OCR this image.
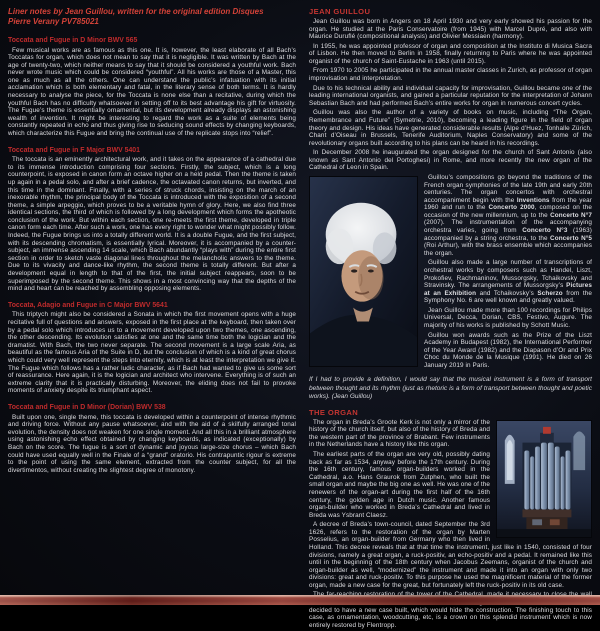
Liner notes by Jean Guillou, written for the original edition Disques
Pierre Verany PV785021
Toccata and Fugue in D Minor BWV 565

Few musical works are as famous as this one. It is, however, the least elaborate of all Bach’s Toccatas for organ, which does not mean to say that it is negligible. It was written by Bach at the age of twenty-two, which neither means to say that it should be considered a youthful work. Bach never wrote music which could be considered “youthful”. All his works are those of a Master, this one as much as all the others. One can understand the public’s infatuation with its initial acclamation which is both elementary and fatal, in the literary sense of both terms. It is hardly necessary to analyse the piece, for the Toccata is none else than a recitative, during which the youthful Bach has no difficulty whatsoever in setting off to its best advantage his gift for virtuosity. The Fugue’s theme is essentially ornamental, but its development already displays an astonishing wealth of invention. It might be interesting to regard the work as a suite of elements being constantly repeated in echo and thus giving rise to seducing sound effects by changing keyboards, which characterize this Fugue and bring the continual use of the replicate stops into “relief”.

Toccata and Fugue in F Major BWV 5401

The toccata is an eminently architectural work, and it takes on the appearance of a cathedral due to its immense introduction comprising four sections. Firstly, the subject, which is a long counterpoint, is exposed in canon form an octave higher on a held pedal. Then the theme is taken up again in a pedal solo, and after a brief cadence, the octavated canon returns, but inverted, and this time in the dominant. Finally, with a series of struck chords, insisting on the march of an inexorable rhythm, the principal body of the Toccata is introduced with the exposition of a second theme, a simple arpeggio, which proves to be a veritable hymn of glory. Here, we also find three identical sections, the third of which is followed by a long development which forms the apotheotic conclusion of the work. But within each section, one re-meets the first theme, developed in triple canon form each time. After such a work, one has every right to wonder what might possibly follow. Indeed, the Fugue brings us into a totally different world. It is a double Fugue, and the first subject, with its descending chromatism, is essentially lyrical. Moreover, it is accompanied by a counter-subject, an immense ascending 14 scale, which Bach abundantly “plays with” during the entire first section in order to sketch vaste diagonal lines throughout the melancholic answers to the theme. Due to its vivacity and dance-like rhythm, the second theme is totally different. But after a development equal in length to that of the first, the initial subject reappears, soon to be superimposed by the second theme. This shows in a most convincing way that the depths of the mind and heart can be reached by assembling opposing elements.

Toccata, Adagio and Fugue in C Major BWV 5641

This triptych might also be considered a Sonata in which the first movement opens with a huge recitative full of questions and answers, exposed in the first place at the keyboard, then taken over by a pedal solo which introduces us to a movement developed upon two themes, one ascending, the other descending. Its evolution satisfies at one and the same time both the logician and the dramatist. With Bach, the two never separate. The second movement is a large scale Aria, as beautiful as the famous Aria of the Suite in D, but the conclusion of which is a kind of great chorus which could very well represent the steps into eternity, which is at least the interpretation we give it. The Fugue which follows has a rather ludic character, as if Bach had wanted to give us some sort of reassurance. Here again, it is the logician and architect who intervene. Everything is of such an extreme clarity that it is practically disturbing. Moreover, the eliding does not fail to provoke moments of anxiety despite its triumphant aspect.

Toccata and Fugue in D Minor (Dorian) BWV 538

Built upon one, single theme, this toccata is developed within a counterpoint of intense rhythmic and driving force. Without any pause whatsoever, and with the aid of a skilfully arranged tonal evolution, the density does not weaken for one single moment. And all this in a brilliant atmosphere using astonishing echo effect obtained by changing keyboards, as indicated (exceptionally) by Bach on the score. The fugue is a sort of dynamic and joyous large-size chorus – which Bach could have used equally well in the Finale of a “grand” oratorio. His contrapuntic rigour is extreme to the point of using the same element, extracted from the counter subject, for all the divertimentos, without creating the slightest degree of monotony.

JEAN GUILLOU

Jean Guillou was born in Angers on 18 April 1930 and very early showed his passion for the organ. He studied at the Paris Conservatoire (from 1945) with Marcel Dupré, and also with Maurice Duruflé (compositional analysis) and Olivier Messiaen (harmony).

In 1955, he was appointed professor of organ and composition at the Instituto di Musica Sacra of Lisbon. He then moved to Berlin in 1958, finally returning to Paris where he was appointed organist of the church of Saint-Eustache in 1963 (until 2015).

From 1970 to 2005 he participated in the annual master classes in Zurich, as professor of organ improvisation and interpretation.

Due to his technical ability and individual capacity for improvisation, Guillou became one of the leading international organists, and gained a particular reputation for the interpretation of Johann Sebastian Bach and had performed Bach’s entire works for organ in numerous concert cycles.

Guillou was also the author of a variety of books on music, including “The Organ, Remembrance and Future” (Symetrie, 2010), becoming a leading figure in the field of organ theory and design. His ideas have generated considerable results (Alpe d’Huez, Tonhalle Zürich, Chant d’Oiseau in Brussels, Tenerife Auditorium, Naples Conservatory) and some of the revolutionary organs built according to his plans can be heard in his recordings.

In December 2008 he inaugurated the organ designed for the church of Sant Antonio (also known as Sant Antonio del Portoghesi) in Rome, and more recently the new organ of the Cathedral of Leon in Spain.

Guillou’s compositions go beyond the traditions of the French organ symphonies of the late 19th and early 20th centuries. The organ concertos with orchestral accompaniment begin with the Inventions from the year 1960 and run to the Concerto 2000, composed on the occasion of the new millennium, up to the Concerto N°7 (2007). The instrumentation of the accompanying orchestra varies, going from Concerto N°3 (1963) accompanied by a string orchestra, to the Concerto N°5 (Roi Arthur), with the brass ensemble which accompanies the organ.

Guillou also made a large number of transcriptions of orchestral works by composers such as Handel, Liszt, Prokofiev, Rachmaninov, Mussorgsky, Tchaikovsky and Stravinsky. The arrangements of Mussorgsky’s Pictures at an Exhibition and Tchaikovsky’s Scherzo from the Symphony No. 6 are well known and greatly valued.

Jean Guillou made more than 100 recordings for Philips Universal, Decca, Dorian, CBS, Festivo, Augure. The majority of his works is published by Schott Music.

Guillou won awards such as the Prize of the Liszt Academy in Budapest (1982), the International Performer of the Year Award (1982) and the Diapason d’Or and Prix Choc du Monde de la Musique (1991). He died on 26 January 2019 in Paris.

If I had to provide a definition, I would say that the musical instrument is a form of transport between thought and its rhythm (just as rhetoric is a form of transport between thought and poetic works). (Jean Guillou)

THE ORGAN

The organ in Breda’s Groote Kerk is not only a mirror of the history of the church itself, but also of the history of Breda and the western part of the province of Brabant. Few instruments in the Netherlands have a history like this organ.

The earliest parts of the organ are very old, possibly dating back as far as 1534, anyway before the 17th century. During the 16th century, famous organ-builders worked in the Cathedral, a.o. Hans Graurok from Zutphen, who built the small organ and maybe the big one as well. He was one of the renewers of the organ-art during the first half of the 16th century, the golden age in Dutch music. Another famous organ-builder who worked in Breda’s Cathedral and lived in Breda was Ysbrant Claesz.

A decree of Breda’s town-council, dated September the 3rd 1626, refers to the restoration of the organ by Marten Posselius, an organ-builder from Germany who then lived in Holland. This decree reveals that at that time the instrument, just like in 1540, consisted of four divisions, namely a great organ, a ruck-positiv, an echo-positiv and a pedal. It remained like this until in the beginning of the 18th century when Jacobus Zeemans, organist of the church and organ-builder as well, “modernized” the instrument and made it into an organ with only two divisions: great and ruck-positiv. To this purpose he used the magnificent material of the former organ, made a new case for the great, but fortunately left the ruck-positiv in its old case.

decided to have a new case built, which would hide the construction. The finishing touch to this case, as ornamentation, woodcutting, etc, is a crown on this splendid instrument which is now entirely restored by Flentropp.
